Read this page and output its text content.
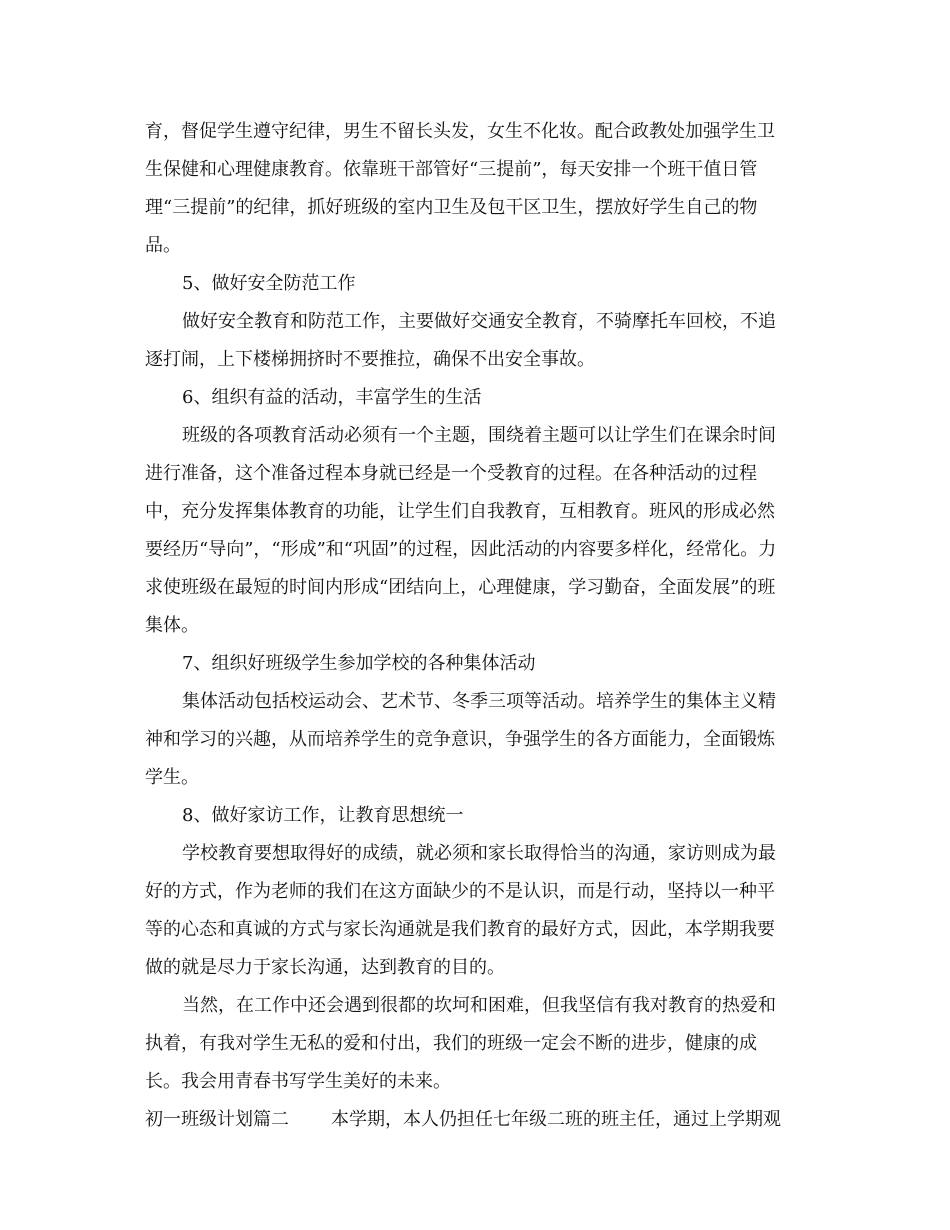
育，督促学生遵守纪律，男生不留长头发，女生不化妆。配合政教处加强学生卫
生保健和心理健康教育。依靠班干部管好“三提前”，每天安排一个班干值日管
理“三提前”的纪律，抓好班级的室内卫生及包干区卫生，摆放好学生自己的物
品。
5、做好安全防范工作
做好安全教育和防范工作，主要做好交通安全教育，不骑摩托车回校，不追
逐打闹，上下楼梯拥挤时不要推拉，确保不出安全事故。
6、组织有益的活动，丰富学生的生活
班级的各项教育活动必须有一个主题，围绕着主题可以让学生们在课余时间
进行准备，这个准备过程本身就已经是一个受教育的过程。在各种活动的过程
中，充分发挥集体教育的功能，让学生们自我教育，互相教育。班风的形成必然
要经历“导向”，“形成”和“巩固”的过程，因此活动的内容要多样化，经常化。力
求使班级在最短的时间内形成“团结向上，心理健康，学习勤奋，全面发展”的班
集体。
7、组织好班级学生参加学校的各种集体活动
集体活动包括校运动会、艺术节、冬季三项等活动。培养学生的集体主义精
神和学习的兴趣，从而培养学生的竞争意识，争强学生的各方面能力，全面锻炼
学生。
8、做好家访工作，让教育思想统一
学校教育要想取得好的成绩，就必须和家长取得恰当的沟通，家访则成为最
好的方式，作为老师的我们在这方面缺少的不是认识，而是行动，坚持以一种平
等的心态和真诚的方式与家长沟通就是我们教育的最好方式，因此，本学期我要
做的就是尽力于家长沟通，达到教育的目的。
当然，在工作中还会遇到很都的坎坷和困难，但我坚信有我对教育的热爱和
执着，有我对学生无私的爱和付出，我们的班级一定会不断的进步，健康的成
长。我会用青春书写学生美好的未来。
初一班级计划篇二 本学期，本人仍担任七年级二班的班主任，通过上学期观
